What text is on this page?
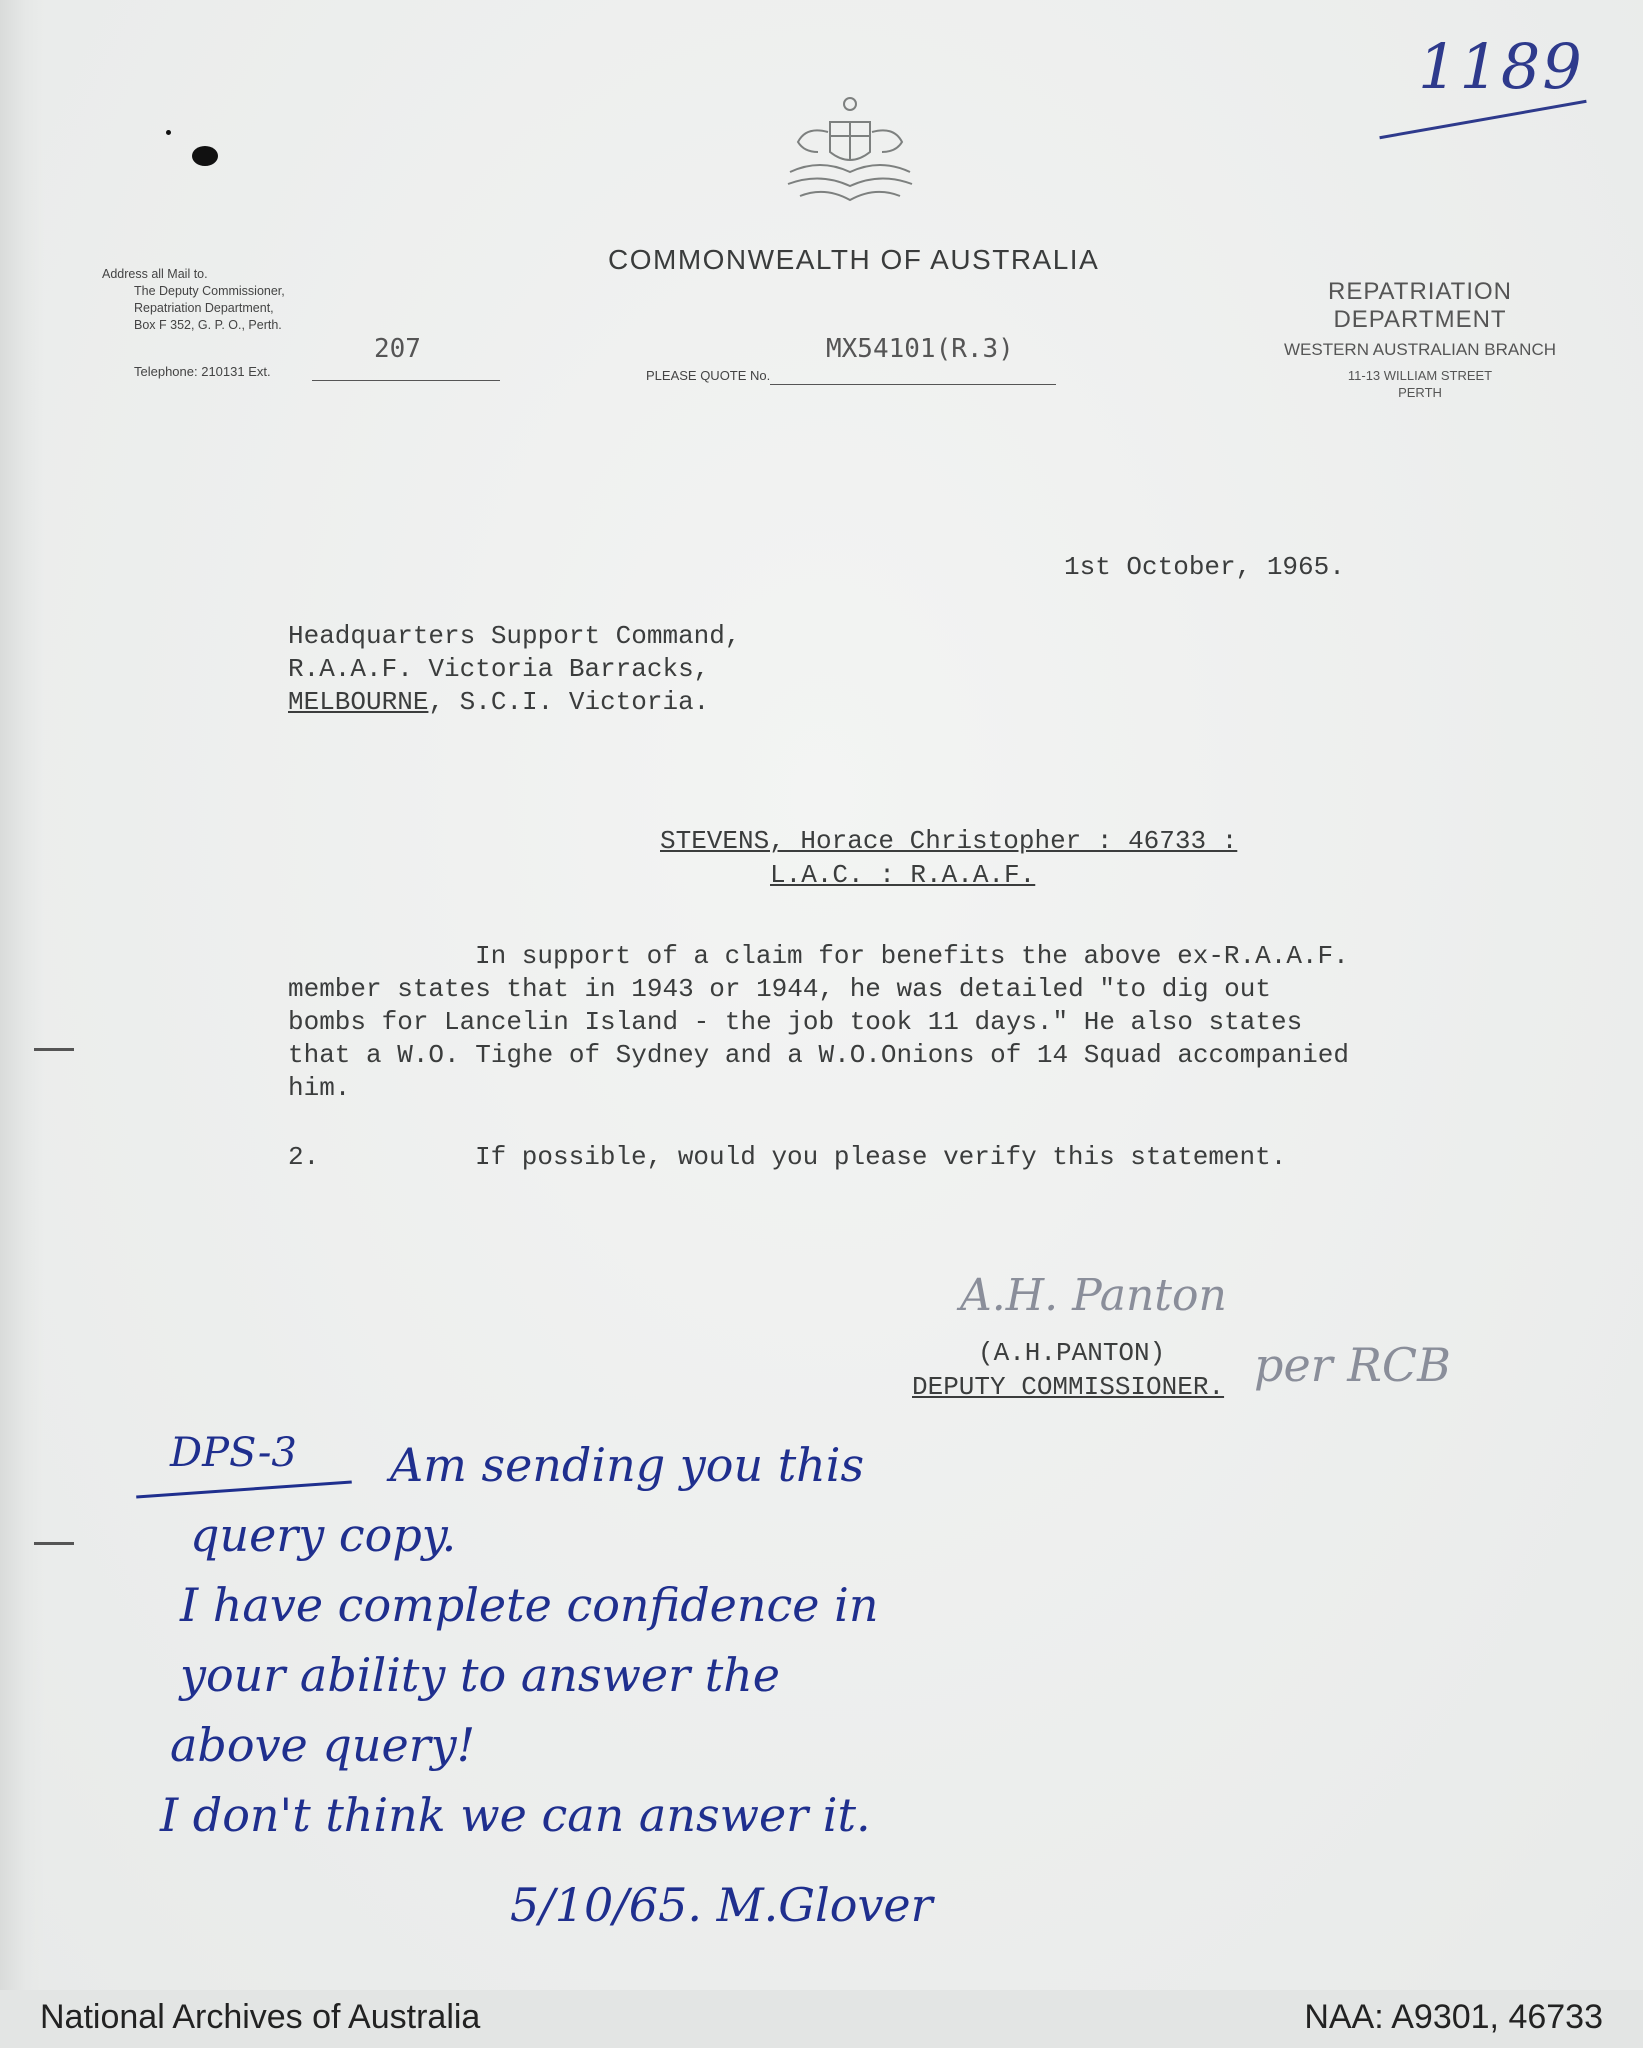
1189
COMMONWEALTH OF AUSTRALIA
Address all Mail to.
The Deputy Commissioner,
Repatriation Department,
Box F 352, G. P. O., Perth.
Telephone: 210131 Ext.
207
PLEASE QUOTE No.
MX54101(R.3)
REPATRIATION DEPARTMENT
WESTERN AUSTRALIAN BRANCH
11-13 WILLIAM STREET
PERTH
1st October, 1965.
Headquarters Support Command,
R.A.A.F. Victoria Barracks,
MELBOURNE, S.C.I. Victoria.
STEVENS, Horace Christopher : 46733 :
L.A.C. : R.A.A.F.
In support of a claim for benefits the above ex-R.A.A.F.
member states that in 1943 or 1944, he was detailed "to dig out
bombs for Lancelin Island - the job took 11 days." He also states
that a W.O. Tighe of Sydney and a W.O.Onions of 14 Squad accompanied
him.
2.	If possible, would you please verify this statement.
A.H. Panton
(A.H.PANTON)
DEPUTY COMMISSIONER. per RCB
DPS-3	Am sending you this
query copy.
I have complete confidence in
your ability to answer the
above query!
I don't think we can answer it.
5/10/65. M.Glover
National Archives of Australia	NAA: A9301, 46733
